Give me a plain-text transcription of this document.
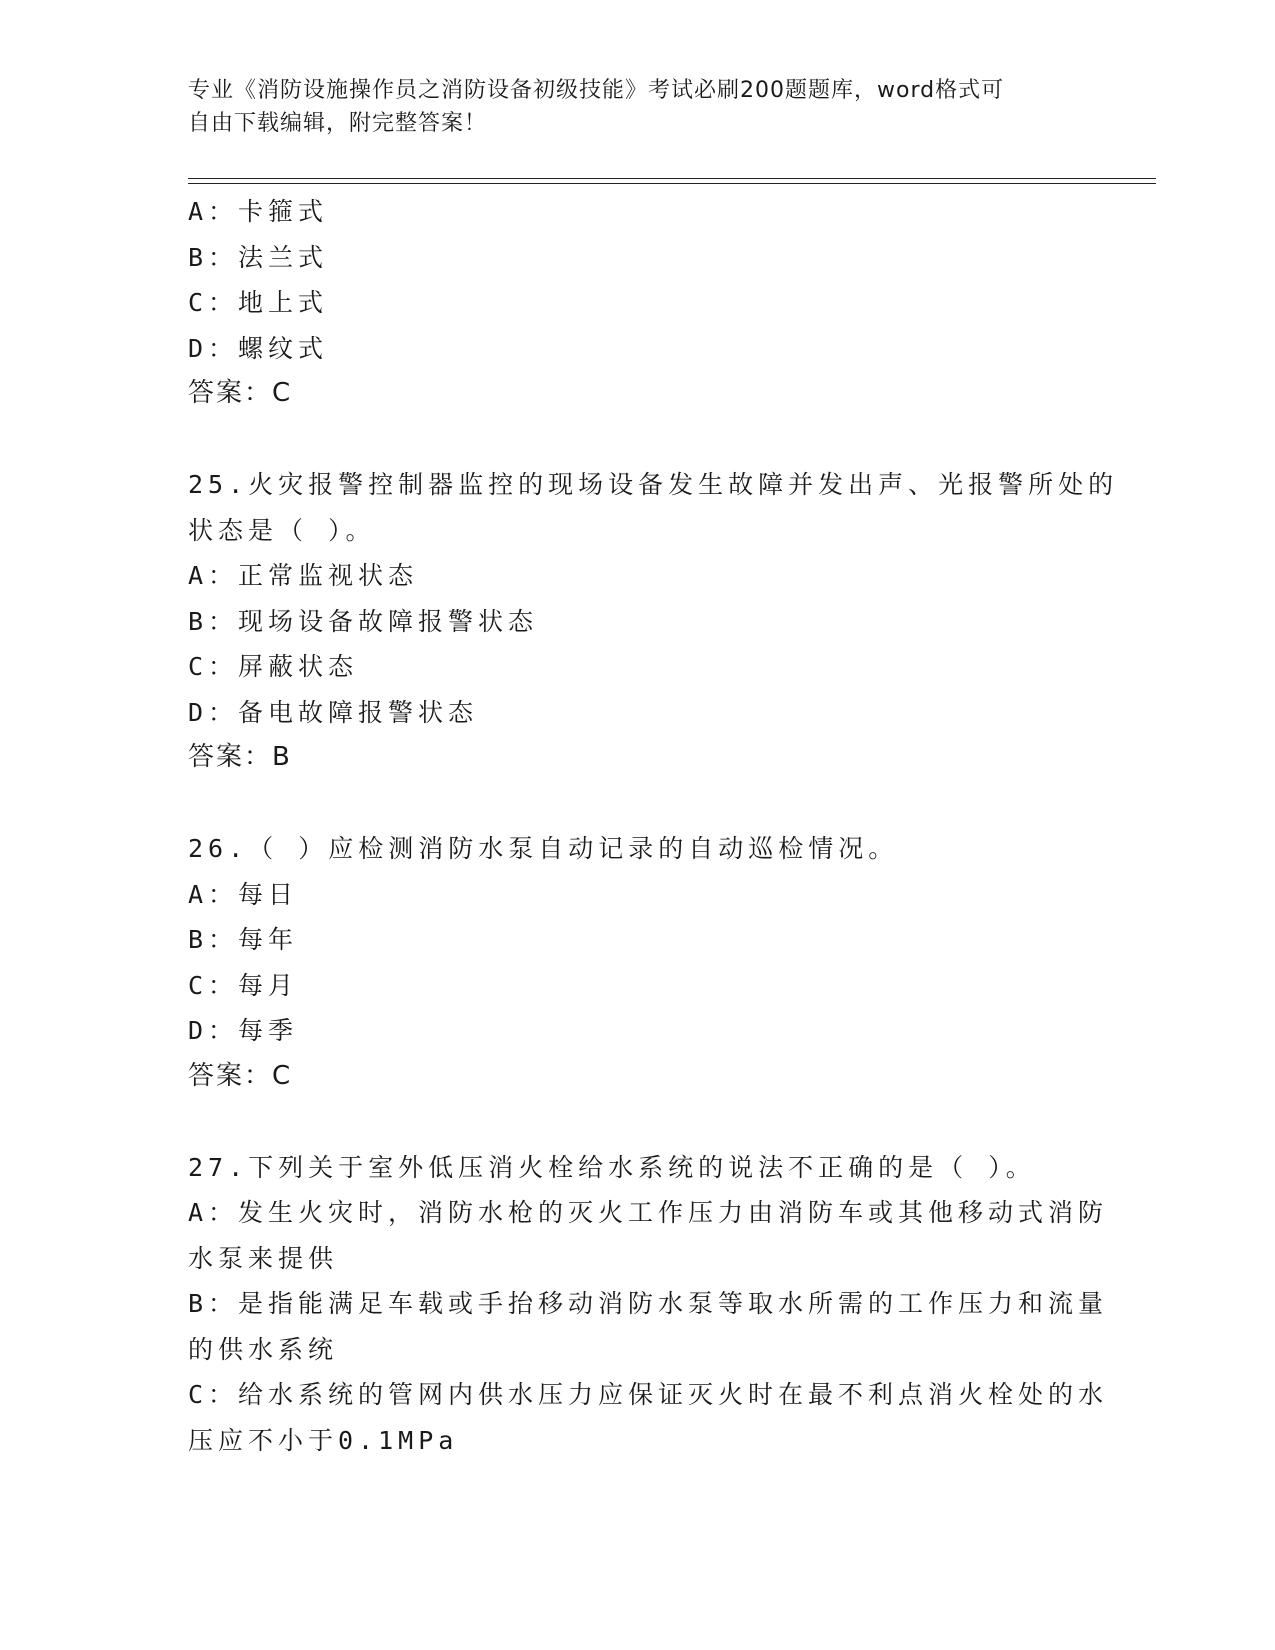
专业《消防设施操作员之消防设备初级技能》考试必刷200题题库，word格式可
自由下载编辑，附完整答案！
A：卡箍式
B：法兰式
C：地上式
D：螺纹式
答案：C
25.火灾报警控制器监控的现场设备发生故障并发出声、光报警所处的
状态是（ ）。
A：正常监视状态
B：现场设备故障报警状态
C：屏蔽状态
D：备电故障报警状态
答案：B
26.（ ）应检测消防水泵自动记录的自动巡检情况。
A：每日
B：每年
C：每月
D：每季
答案：C
27.下列关于室外低压消火栓给水系统的说法不正确的是（ ）。
A：发生火灾时，消防水枪的灭火工作压力由消防车或其他移动式消防
水泵来提供
B：是指能满足车载或手抬移动消防水泵等取水所需的工作压力和流量
的供水系统
C：给水系统的管网内供水压力应保证灭火时在最不利点消火栓处的水
压应不小于0.1MPa
